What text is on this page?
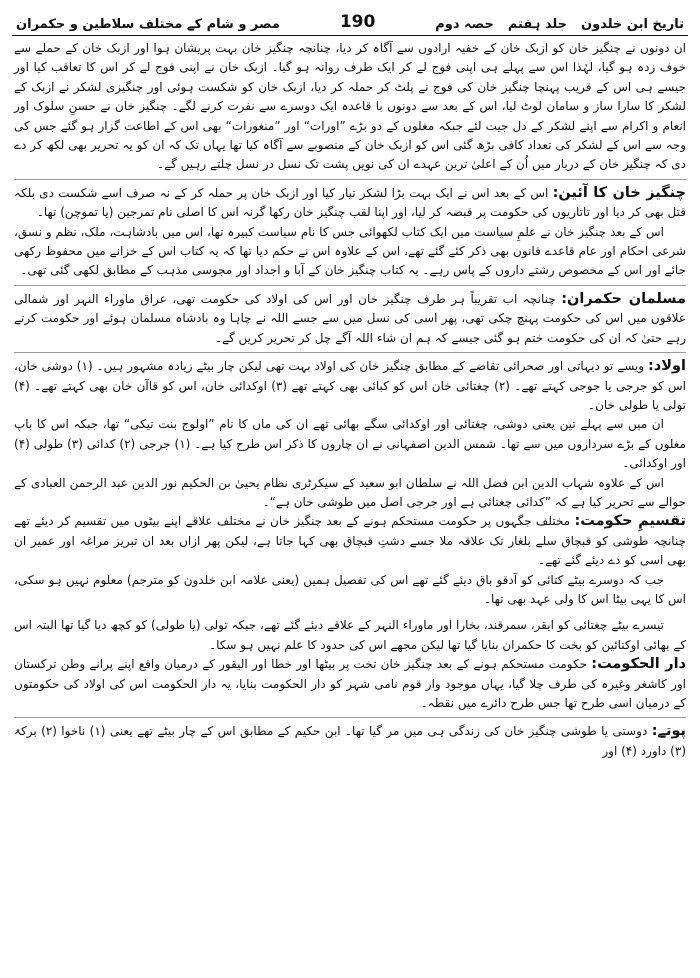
تاریخ ابن خلدون
جلد ہفتم
حصہ دوم
190
مصر و شام کے مختلف سلاطین و حکمران

ان دونوں نے چنگیز خان کو ازبک خان کے خفیہ ارادوں سے آگاہ کر دیا، چنانچہ چنگیز خان بہت پریشان ہوا اور ازبک خان کے حملے سے خوف زدہ ہو گیا، لہٰذا اس سے پہلے ہی اپنی فوج لے کر ایک طرف روانہ ہو گیا۔ ازبک خان نے اپنی فوج لے کر اس کا تعاقب کیا اور جیسے ہی اس کے قریب پہنچا چنگیز خان کی فوج نے پلٹ کر حملہ کر دیا، ازبک خان کو شکست ہوئی اور چنگیزی لشکر نے ازبک کے لشکر کا سارا ساز و سامان لوٹ لیا، اس کے بعد سے دونوں با قاعدہ ایک دوسرے سے نفرت کرنے لگے۔ چنگیز خان نے حسنِ سلوک اور انعام و اکرام سے اپنے لشکر کے دل جیت لئے جبکہ مغلوں کے دو بڑے ”اورات“ اور ”منغورات“ بھی اس کے اطاعت گزار ہو گئے جس کی وجہ سے اس کے لشکر کی تعداد کافی بڑھ گئی اس کو ازبک خان کے منصوبے سے آگاہ کیا تھا یہاں تک کہ ان کو یہ تحریر بھی لکھ کر دے دی کہ چنگیز خان کے دربار میں اُن کے اعلیٰ ترین عہدے ان کی نویں پشت تک نسل در نسل چلتے رہیں گے۔

چنگیز خان کا آئین: اس کے بعد اس نے ایک بہت بڑا لشکر تیار کیا اور ازبک خان پر حملہ کر کے نہ صرف اسے شکست دی بلکہ قتل بھی کر دیا اور تاتاریوں کی حکومت پر قبضہ کر لیا، اور اپنا لقب چنگیز خان رکھا گرنہ اس کا اصلی نام تمرجین (یا تموچن) تھا۔

اس کے بعد چنگیز خان نے علمِ سیاست میں ایک کتاب لکھوائی جس کا نام سیاست کبیرہ تھا، اس میں بادشاہت، ملک، نظم و نسق، شرعی احکام اور عام قاعدے قانون بھی ذکر کئے گئے تھے، اس کے علاوہ اس نے حکم دیا تھا کہ یہ کتاب اس کے خزانے میں محفوظ رکھی جائے اور اس کے مخصوص رشتے داروں کے پاس رہے۔ یہ کتاب چنگیز خان کے آبا و اجداد اور مجوسی مذہب کے مطابق لکھی گئی تھی۔

مسلمان حکمران: چنانچہ اب تقریباً ہر طرف چنگیز خان اور اس کی اولاد کی حکومت تھی، عراق ماوراء النہر اور شمالی علاقوں میں اس کی حکومت پہنچ چکی تھی، پھر اسی کی نسل میں سے جسے اللہ نے چاہا وہ بادشاہ مسلمان ہوئے اور حکومت کرتے رہے حتیٰ کہ ان کی حکومت ختم ہو گئی جیسے کہ ہم ان شاء اللہ آگے چل کر تحریر کریں گے۔

اولاد: ویسے تو دیہاتی اور صحرائی تقاضے کے مطابق چنگیز خان کی اولاد بہت تھی لیکن چار بیٹے زیادہ مشہور ہیں۔ (۱) دوشی خان، اس کو جرجی یا جوجی کہتے تھے۔ (۲) چغتائی خان اس کو کبائی بھی کہتے تھے (۳) اوکدائی خان، اس کو قاآن خان بھی کہتے تھے۔ (۴) تولی یا طولی خان۔

ان میں سے پہلے تین یعنی دوشی، چغتائی اور اوکدائی سگے بھائی تھے ان کی ماں کا نام ”اولوج بنت تیکی“ تھا، جبکہ اس کا باپ مغلوں کے بڑے سرداروں میں سے تھا۔ شمس الدین اصفہانی نے ان چاروں کا ذکر اس طرح کیا ہے۔ (۱) جرجی (۲) کدائی (۳) طولی (۴) اور اوکدائی۔

اس کے علاوہ شہاب الدین ابن فضل اللہ نے سلطان ابو سعید کے سیکرٹری نظام یحییٰ بن الحکیم نور الدین عبد الرحمن العبادی کے حوالے سے تحریر کیا ہے کہ ”کدائی چغتائی ہے اور جرجی اصل میں طوشی خان ہے“۔

تقسیمِ حکومت: مختلف جگہوں پر حکومت مستحکم ہونے کے بعد چنگیز خان نے مختلف علاقے اپنے بیٹوں میں تقسیم کر دیئے تھے چنانچہ طوشی کو قبچاق سلے بلغار تک علاقہ ملا جسے دشتِ قبچاق بھی کہا جاتا ہے، لیکن پھر ازاں بعد ان تبریز مراغہ اور عمیر ان بھی اسی کو دے دیئے گئے تھے۔

جب کہ دوسرے بیٹے کتائی کو آدقو باق دیئے گئے تھے اس کی تفصیل ہمیں (یعنی علامہ ابن خلدون کو مترجم) معلوم نہیں ہو سکی، اس کا یہی بیٹا اس کا ولی عہد بھی تھا۔

تیسرے بیٹے چغتائی کو ایقر، سمرقند، بخارا اور ماوراء النہر کے علاقے دیئے گئے تھے، جبکہ تولی (یا طولی) کو کچھ دیا گیا تھا البتہ اس کے بھائی اوکتائین کو بخت کا حکمران بنایا گیا تھا لیکن مجھے اس کی حدود کا علم نہیں ہو سکا۔

دار الحکومت: حکومت مستحکم ہونے کے بعد چنگیز خان تخت پر بیٹھا اور خطا اور الیقور کے درمیان واقع اپنے پرانے وطن ترکستان اور کاشغر وغیرہ کی طرف چلا گیا، یہاں موجود وار قوم نامی شہر کو دار الحکومت بنایا، یہ دار الحکومت اس کی اولاد کی حکومتوں کے درمیان اسی طرح تھا جس طرح دائرے میں نقطہ۔

پوتے: دوستی یا طوشی چنگیز خان کی زندگی ہی میں مر گیا تھا۔ ابن حکیم کے مطابق اس کے چار بیٹے تھے یعنی (۱) ناخوا (۲) برکۃ (۳) داورد (۴) اور
